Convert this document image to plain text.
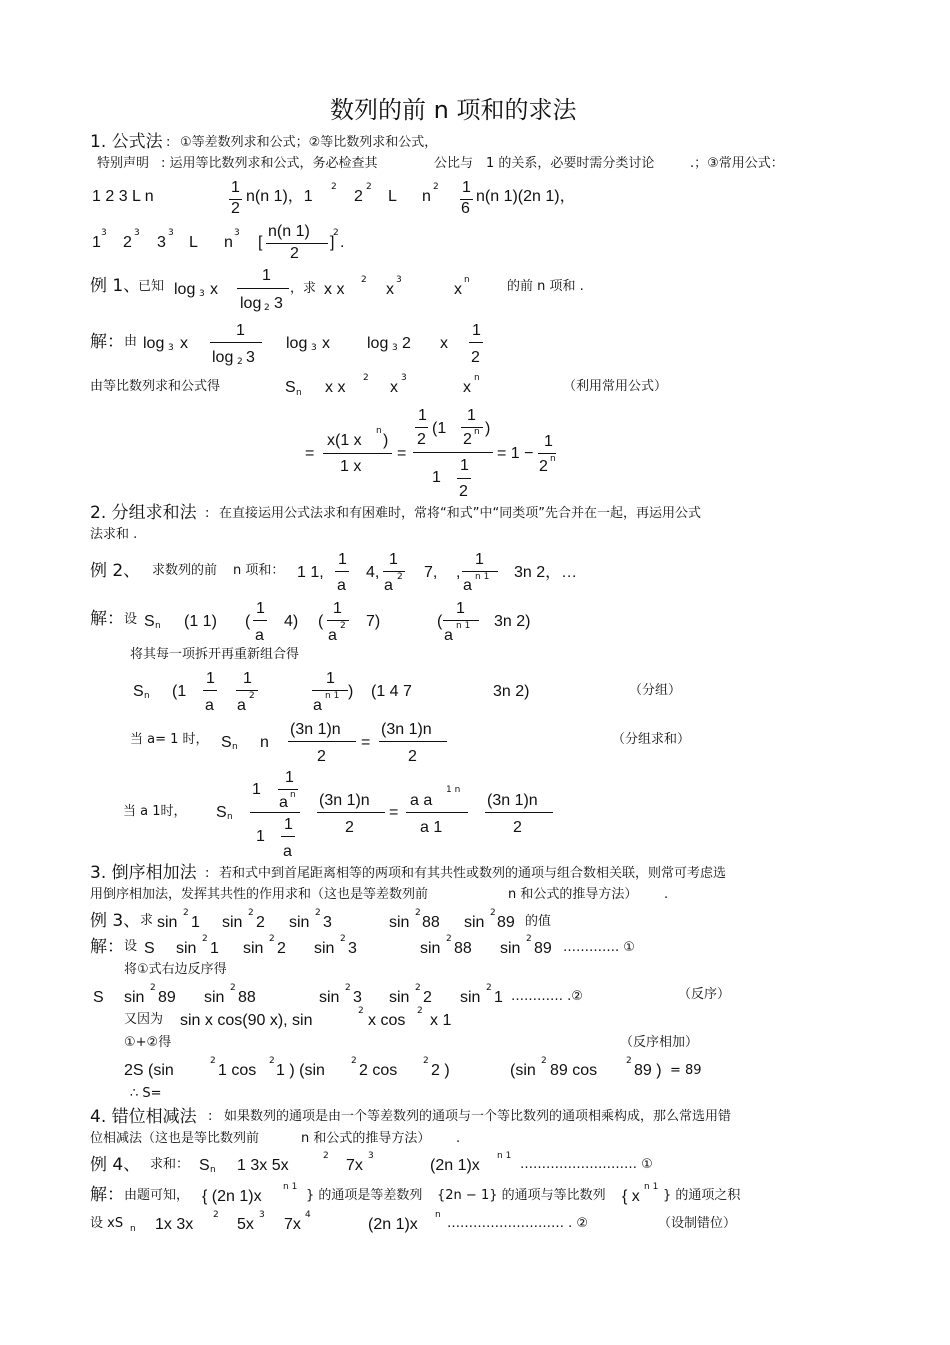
数列的前 n 项和的求法
1. 公式法 : ①等差数列求和公式；②等比数列求和公式，
特别声明 : 运用等比数列求和公式，务必检查其	公比与 1 的关系，必要时需分类讨论	.；③常用公式：
1 2 3 L n
1
2
n(n 1)，1
2
2
2
L n
2 1
6
n(n 1)(2n 1)，
1
3
2
3
3
3
L n
3
[
n(n 1)
2
]
2
.
例 1、
已知 log 3 x
1
log 2 3
，求 x x
2
x
3
x
n	的前 n 项和 .
解： 由 log 3 x
1
log 2 3
log 3 x log 3 2 x
1
2
由等比数列求和公式得	S n x x
2
x
3
x
n
（利用常用公式）
=
x(1 x
n
)
1 x
=
1
2
(1
1
2 n )
1
1
2
= 1 −
1
2 n
2. 分组求和法 : 在直接运用公式法求和有困难时，常将“和式”中“同类项”先合并在一起，再运用公式
法求和 .
例 2、 求数列的前 n 项和： 1 1,
1
a
4,
1
a 2 7, ,
1
a n 1 3n 2，…
解： 设 S n (1 1) (
1
a
4) (
1
a
2 7)	(
1
a
n 1 3n 2)
将其每一项拆开再重新组合得
S n (1
1
a
1
a
2
1
a
n 1 ) (1 4 7	3n 2)	（分组）
当 a= 1 时， S n n
(3n 1)n
2
=
(3n 1)n
2
（分组求和）
当 a 1时， S n
1
1
a n
1
1
a
(3n 1)n
2
=
a a
1 n
a 1
(3n 1)n
2
3. 倒序相加法 : 若和式中到首尾距离相等的两项和有其共性或数列的通项与组合数相关联，则常可考虑选
用倒序相加法，发挥其共性的作用求和（这也是等差数列前	n 和公式的推导方法） .
例 3、 求 sin
2
1 sin
2
2 sin
2
3	sin
2
88 sin
2
89 的值
解： 设 S sin
2
1 sin
2
2 sin
2
3	sin
2
88 sin
2
89 …………. ①
将①式右边反序得
S sin
2
89 sin
2
88	sin
2
3 sin
2
2 sin
2
1 ………… .②	（反序）
又因为 sin x cos(90 x), sin
2
x cos
2
x 1
①+②得	（反序相加）
2S (sin
2
1 cos
2
1 ) (sin
2
2 cos
2
2 )	(sin
2
89 cos
2
89 ) = 89
∴ S=
4. 错位相减法 : 如果数列的通项是由一个等差数列的通项与一个等比数列的通项相乘构成，那么常选用错
位相减法（这也是等比数列前	n 和公式的推导方法） .
例 4、 求和： S n 1 3x 5x
2
7x
3
(2n 1)x
n 1
……………………… ①
解： 由题可知， { (2n 1)x
n 1
} 的通项是等差数列 {2n − 1} 的通项与等比数列 { x
n 1
} 的通项之积
设 xS n 1x 3x
2
5x
3
7x
4
(2n 1)x
n
……………………… . ②	（设制错位）
